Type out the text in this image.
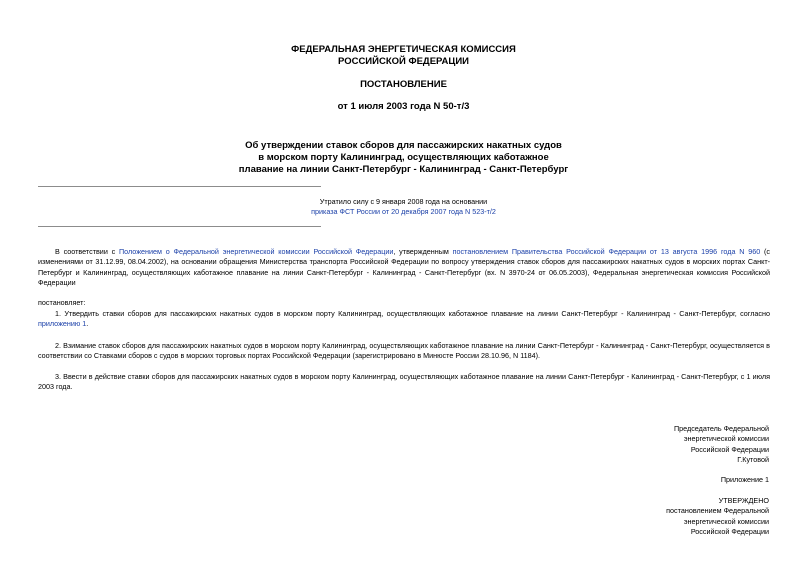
ФЕДЕРАЛЬНАЯ ЭНЕРГЕТИЧЕСКАЯ КОМИССИЯ
РОССИЙСКОЙ ФЕДЕРАЦИИ
ПОСТАНОВЛЕНИЕ
от 1 июля 2003 года N 50-т/3
Об утверждении ставок сборов для пассажирских накатных судов
в морском порту Калининград, осуществляющих каботажное
плавание на линии Санкт-Петербург - Калининград - Санкт-Петербург
Утратило силу с 9 января 2008 года на основании
приказа ФСТ России от 20 декабря 2007 года N 523-т/2
В соответствии с Положением о Федеральной энергетической комиссии Российской Федерации, утвержденным постановлением Правительства Российской Федерации от 13 августа 1996 года N 960 (с изменениями от 31.12.99, 08.04.2002), на основании обращения Министерства транспорта Российской Федерации по вопросу утверждения ставок сборов для пассажирских накатных судов в морских портах Санкт-Петербург и Калининград, осуществляющих каботажное плавание на линии Санкт-Петербург - Калининград - Санкт-Петербург (вх. N 3970-24 от 06.05.2003), Федеральная энергетическая комиссия Российской Федерации
постановляет:
1. Утвердить ставки сборов для пассажирских накатных судов в морском порту Калининград, осуществляющих каботажное плавание на линии Санкт-Петербург - Калининград - Санкт-Петербург, согласно приложению 1.
2. Взимание ставок сборов для пассажирских накатных судов в морском порту Калининград, осуществляющих каботажное плавание на линии Санкт-Петербург - Калининград - Санкт-Петербург, осуществляется в соответствии со Ставками сборов с судов в морских торговых портах Российской Федерации (зарегистрировано в Минюсте России 28.10.96, N 1184).
3. Ввести в действие ставки сборов для пассажирских накатных судов в морском порту Калининград, осуществляющих каботажное плавание на линии Санкт-Петербург - Калининград - Санкт-Петербург, с 1 июля 2003 года.
Председатель Федеральной
энергетической комиссии
Российской Федерации
Г.Кутовой
Приложение 1
УТВЕРЖДЕНО
постановлением Федеральной
энергетической комиссии
Российской Федерации
